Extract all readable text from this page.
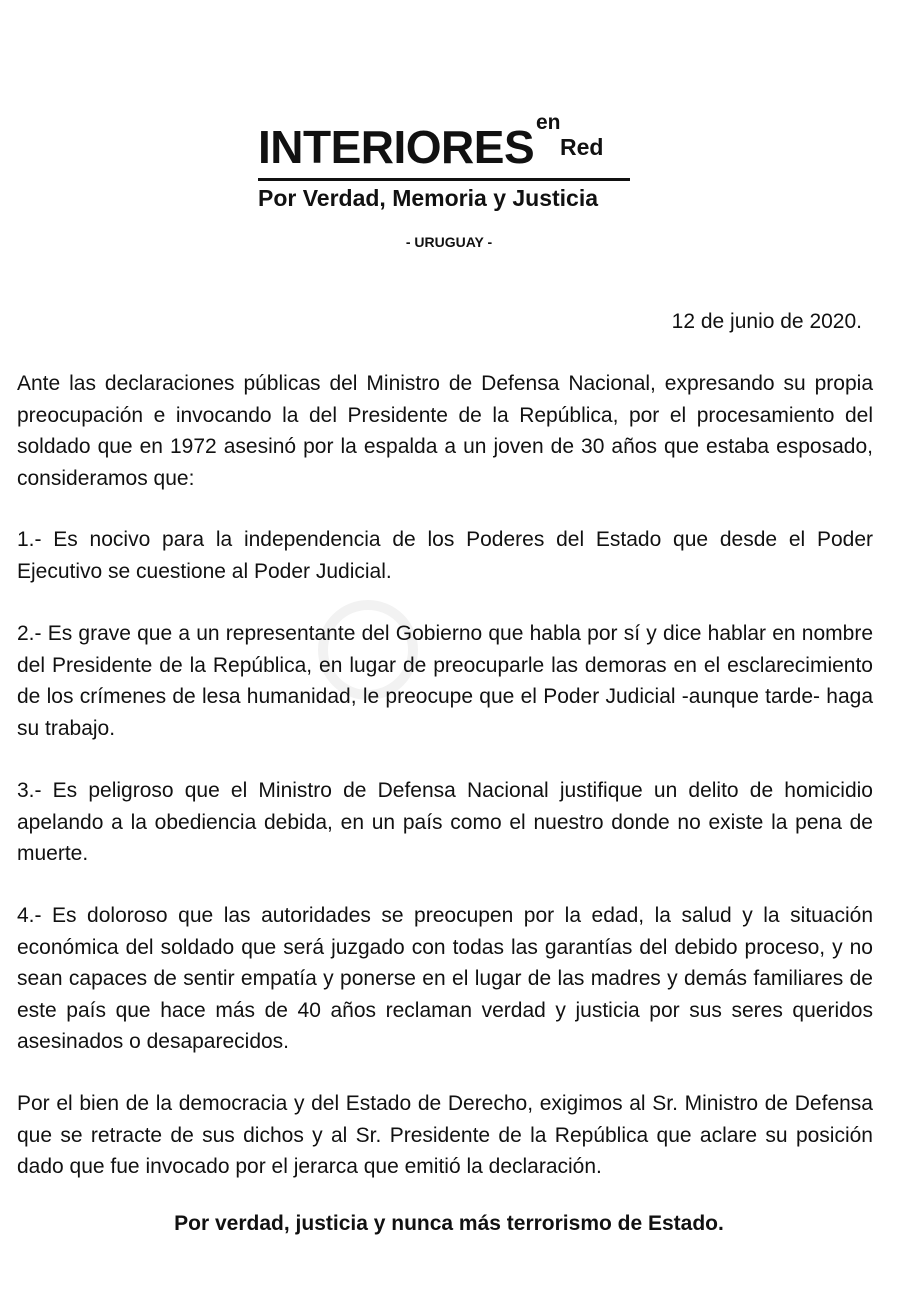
INTERIORES en
Red
Por Verdad, Memoria y Justicia
- URUGUAY -
12 de junio de 2020.

Ante las declaraciones públicas del Ministro de Defensa Nacional, expresando su propia preocupación e invocando la del Presidente de la República, por el procesamiento del soldado que en 1972 asesinó por la espalda a un joven de 30 años que estaba esposado, consideramos que:

1.- Es nocivo para la independencia de los Poderes del Estado que desde el Poder Ejecutivo se cuestione al Poder Judicial.

2.- Es grave que a un representante del Gobierno que habla por sí y dice hablar en nombre del Presidente de la República, en lugar de preocuparle las demoras en el esclarecimiento de los crímenes de lesa humanidad, le preocupe que el Poder Judicial -aunque tarde- haga su trabajo.

3.- Es peligroso que el Ministro de Defensa Nacional justifique un delito de homicidio apelando a la obediencia debida, en un país como el nuestro donde no existe la pena de muerte.

4.- Es doloroso que las autoridades se preocupen por la edad, la salud y la situación económica del soldado que será juzgado con todas las garantías del debido proceso, y no sean capaces de sentir empatía y ponerse en el lugar de las madres y demás familiares de este país que hace más de 40 años reclaman verdad y justicia por sus seres queridos asesinados o desaparecidos.

Por el bien de la democracia y del Estado de Derecho, exigimos al Sr. Ministro de Defensa que se retracte de sus dichos y al Sr. Presidente de la República que aclare su posición dado que fue invocado por el jerarca que emitió la declaración.

Por verdad, justicia y nunca más terrorismo de Estado.
